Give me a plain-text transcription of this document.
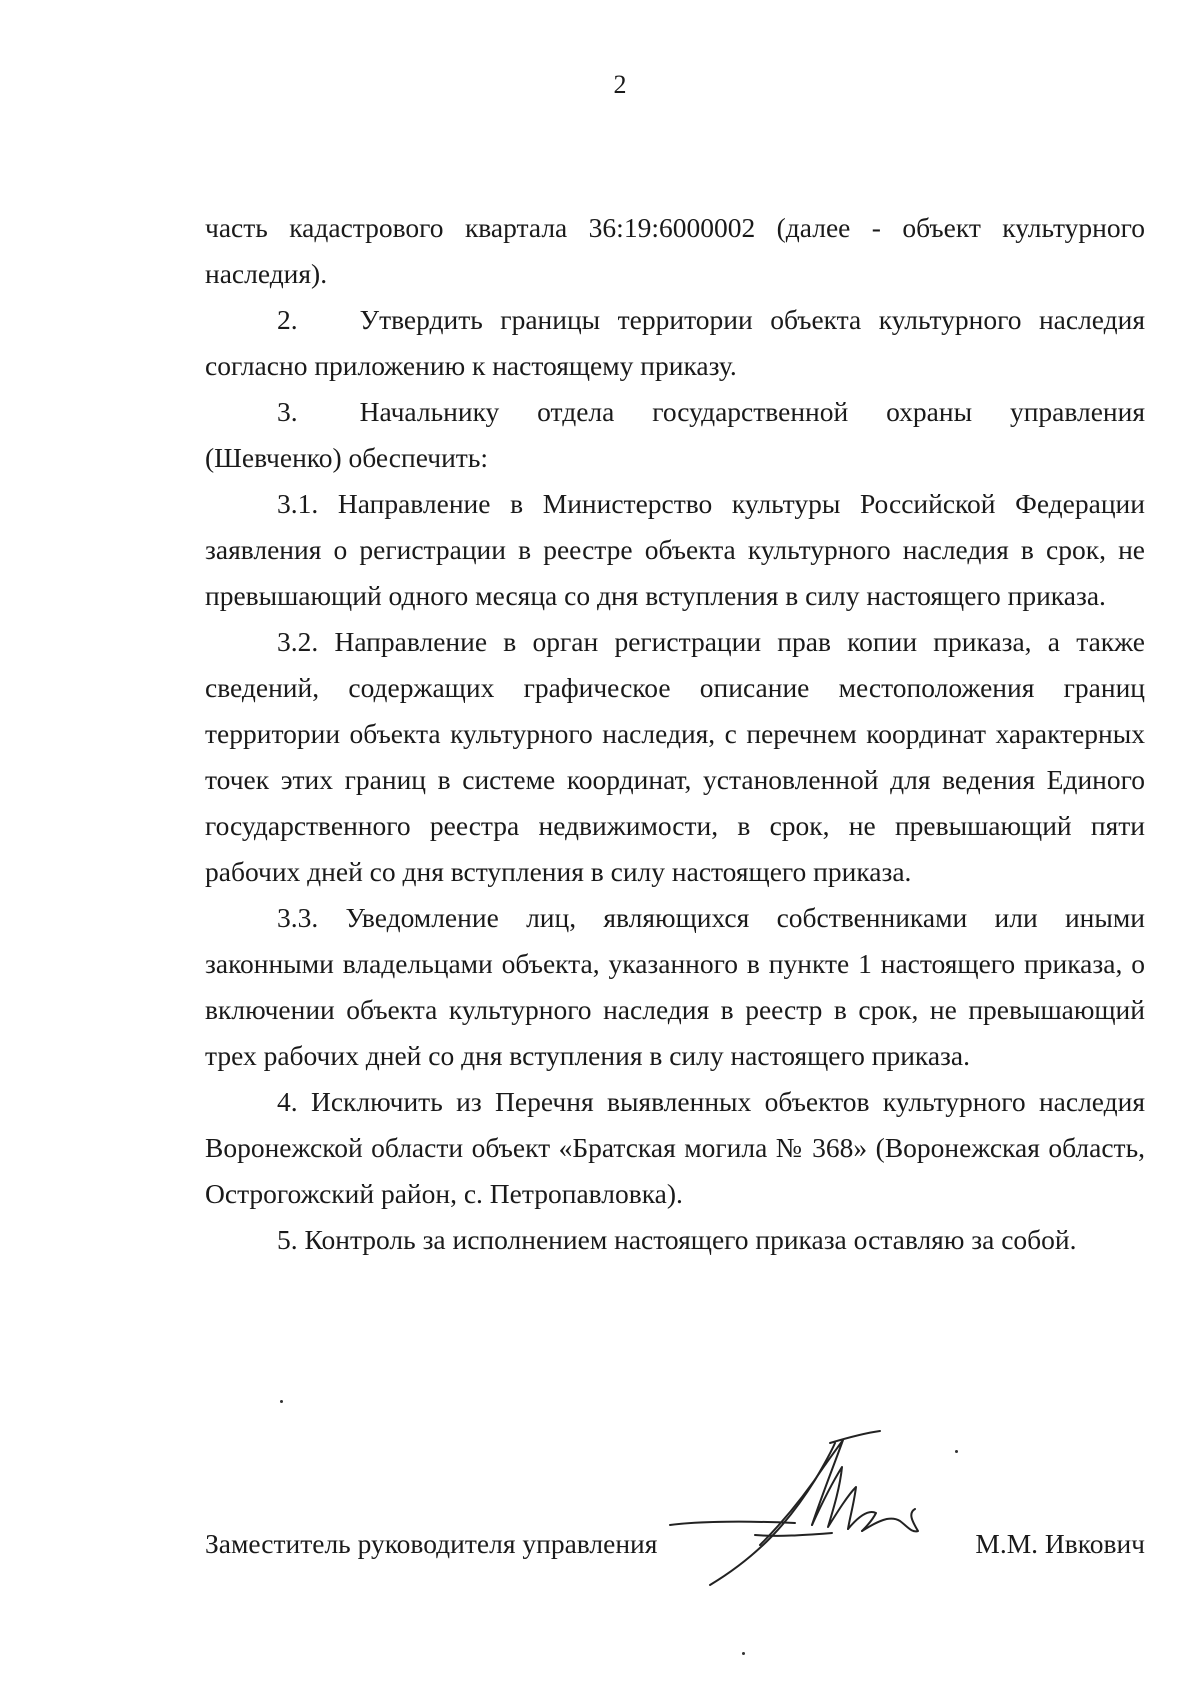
2

часть кадастрового квартала 36:19:6000002 (далее - объект культурного наследия).

2. Утвердить границы территории объекта культурного наследия согласно приложению к настоящему приказу.

3. Начальнику отдела государственной охраны управления (Шевченко) обеспечить:

3.1. Направление в Министерство культуры Российской Федерации заявления о регистрации в реестре объекта культурного наследия в срок, не превышающий одного месяца со дня вступления в силу настоящего приказа.

3.2. Направление в орган регистрации прав копии приказа, а также сведений, содержащих графическое описание местоположения границ территории объекта культурного наследия, с перечнем координат характерных точек этих границ в системе координат, установленной для ведения Единого государственного реестра недвижимости, в срок, не превышающий пяти рабочих дней со дня вступления в силу настоящего приказа.

3.3. Уведомление лиц, являющихся собственниками или иными законными владельцами объекта, указанного в пункте 1 настоящего приказа, о включении объекта культурного наследия в реестр в срок, не превышающий трех рабочих дней со дня вступления в силу настоящего приказа.

4. Исключить из Перечня выявленных объектов культурного наследия Воронежской области объект «Братская могила № 368» (Воронежская область, Острогожский район, с. Петропавловка).

5. Контроль за исполнением настоящего приказа оставляю за собой.

Заместитель руководителя управления	М.М. Ивкович
